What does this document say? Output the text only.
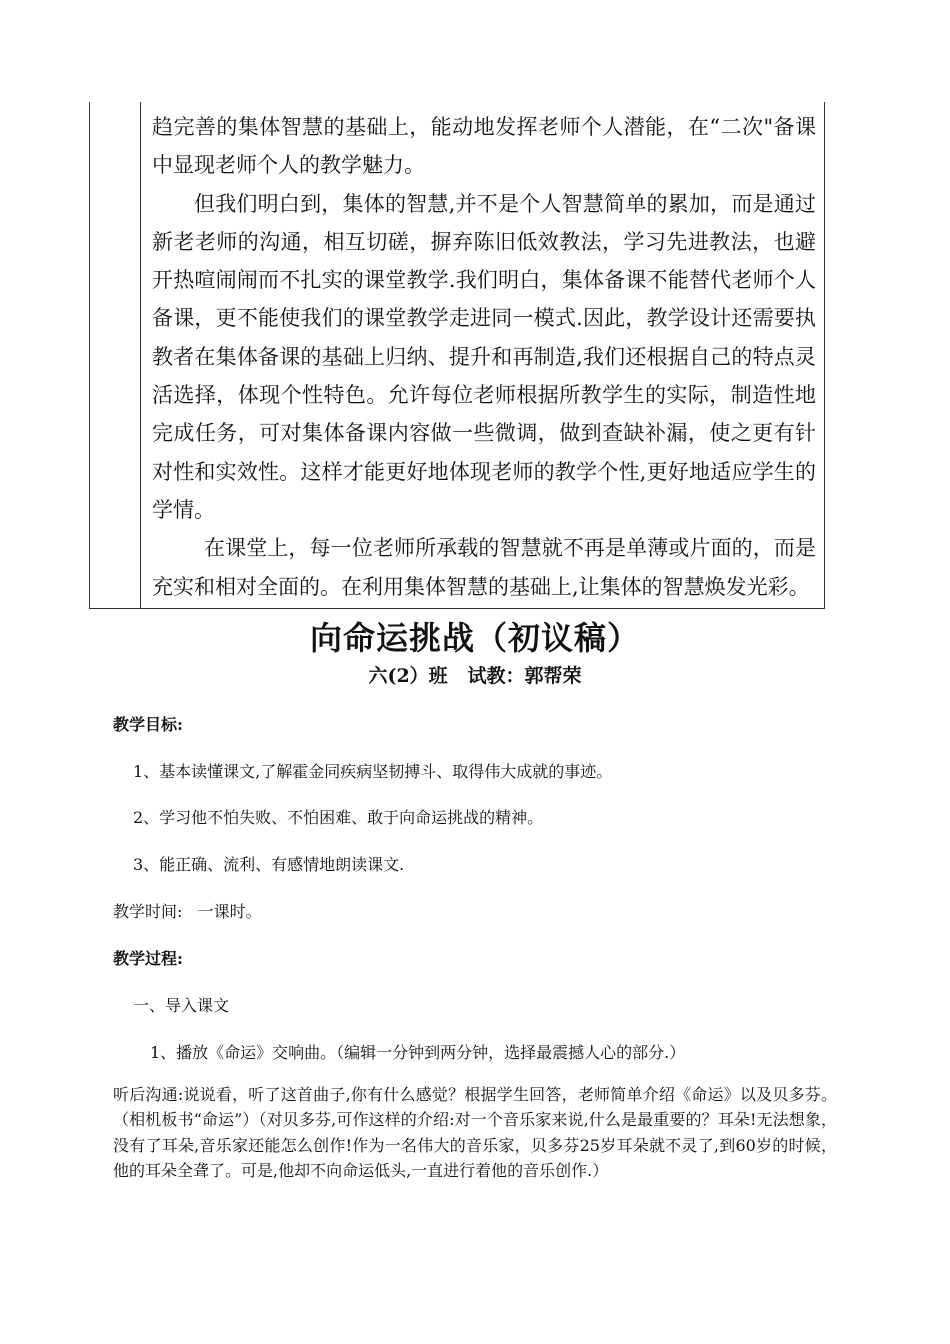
趋完善的集体智慧的基础上，能动地发挥老师个人潜能，在“二次"备课中显现老师个人的教学魅力。

但我们明白到，集体的智慧,并不是个人智慧简单的累加，而是通过新老老师的沟通，相互切磋，摒弃陈旧低效教法，学习先进教法，也避开热喧闹闹而不扎实的课堂教学.我们明白，集体备课不能替代老师个人备课，更不能使我们的课堂教学走进同一模式.因此，教学设计还需要执教者在集体备课的基础上归纳、提升和再制造,我们还根据自己的特点灵活选择，体现个性特色。允许每位老师根据所教学生的实际，制造性地完成任务，可对集体备课内容做一些微调，做到查缺补漏，使之更有针对性和实效性。这样才能更好地体现老师的教学个性,更好地适应学生的学情。

在课堂上，每一位老师所承载的智慧就不再是单薄或片面的，而是充实和相对全面的。在利用集体智慧的基础上,让集体的智慧焕发光彩。

向命运挑战（初议稿）
六(2）班   试教：郭帮荣
教学目标:
1、基本读懂课文,了解霍金同疾病坚韧搏斗、取得伟大成就的事迹。
2、学习他不怕失败、不怕困难、敢于向命运挑战的精神。
3、能正确、流利、有感情地朗读课文.
教学时间:   一课时。
教学过程:
一、导入课文
1、播放《命运》交响曲。（编辑一分钟到两分钟，选择最震撼人心的部分.）
听后沟通:说说看，听了这首曲子,你有什么感觉？根据学生回答，老师简单介绍《命运》以及贝多芬。（相机板书“命运”）（对贝多芬,可作这样的介绍:对一个音乐家来说,什么是最重要的？耳朵!无法想象，没有了耳朵,音乐家还能怎么创作!作为一名伟大的音乐家，贝多芬25岁耳朵就不灵了,到60岁的时候，他的耳朵全聋了。可是,他却不向命运低头,一直进行着他的音乐创作.）
